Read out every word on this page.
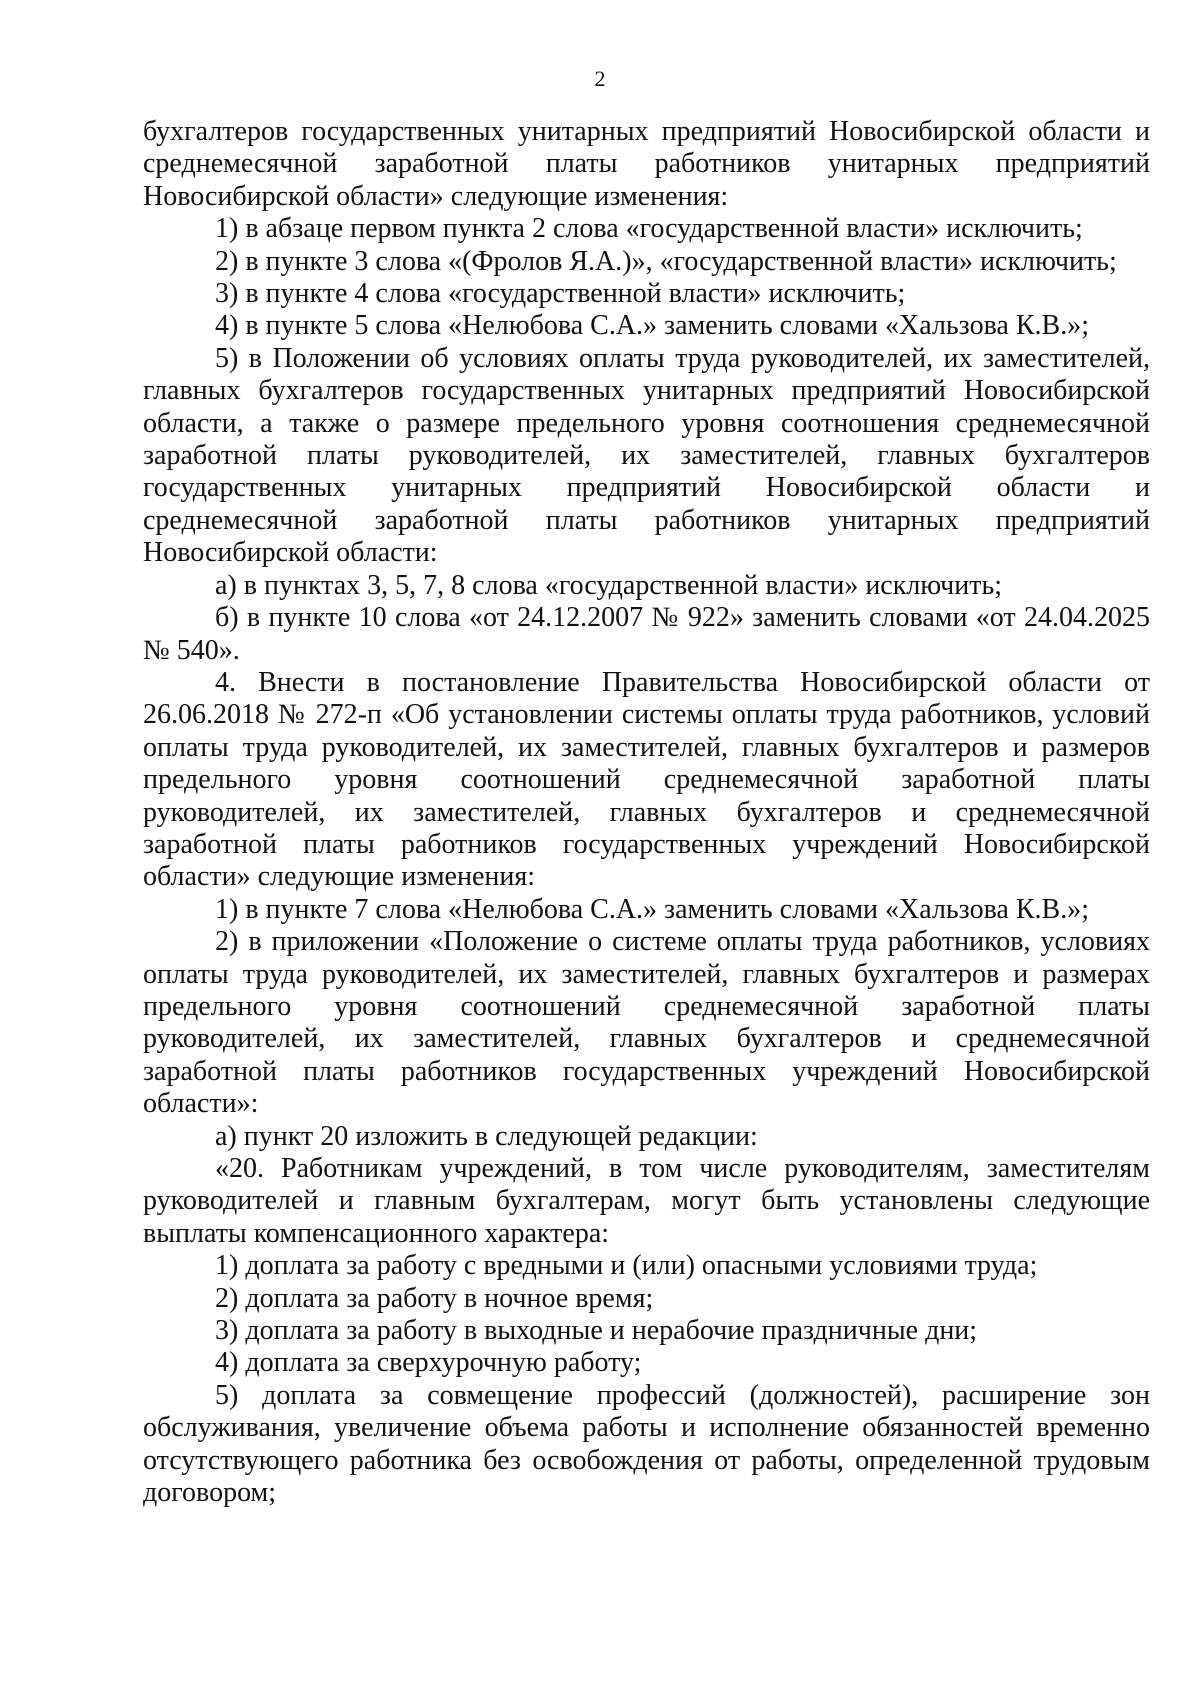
2

бухгалтеров государственных унитарных предприятий Новосибирской области и среднемесячной заработной платы работников унитарных предприятий Новосибирской области» следующие изменения:

1) в абзаце первом пункта 2 слова «государственной власти» исключить;

2) в пункте 3 слова «(Фролов Я.А.)», «государственной власти» исключить;

3) в пункте 4 слова «государственной власти» исключить;

4) в пункте 5 слова «Нелюбова С.А.» заменить словами «Хальзова К.В.»;

5) в Положении об условиях оплаты труда руководителей, их заместителей, главных бухгалтеров государственных унитарных предприятий Новосибирской области, а также о размере предельного уровня соотношения среднемесячной заработной платы руководителей, их заместителей, главных бухгалтеров государственных унитарных предприятий Новосибирской области и среднемесячной заработной платы работников унитарных предприятий Новосибирской области:

а) в пунктах 3, 5, 7, 8 слова «государственной власти» исключить;

б) в пункте 10 слова «от 24.12.2007 № 922» заменить словами «от 24.04.2025 № 540».

4. Внести в постановление Правительства Новосибирской области от 26.06.2018 № 272-п «Об установлении системы оплаты труда работников, условий оплаты труда руководителей, их заместителей, главных бухгалтеров и размеров предельного уровня соотношений среднемесячной заработной платы руководителей, их заместителей, главных бухгалтеров и среднемесячной заработной платы работников государственных учреждений Новосибирской области» следующие изменения:

1) в пункте 7 слова «Нелюбова С.А.» заменить словами «Хальзова К.В.»;

2) в приложении «Положение о системе оплаты труда работников, условиях оплаты труда руководителей, их заместителей, главных бухгалтеров и размерах предельного уровня соотношений среднемесячной заработной платы руководителей, их заместителей, главных бухгалтеров и среднемесячной заработной платы работников государственных учреждений Новосибирской области»:

а) пункт 20 изложить в следующей редакции:

«20. Работникам учреждений, в том числе руководителям, заместителям руководителей и главным бухгалтерам, могут быть установлены следующие выплаты компенсационного характера:

1) доплата за работу с вредными и (или) опасными условиями труда;

2) доплата за работу в ночное время;

3) доплата за работу в выходные и нерабочие праздничные дни;

4) доплата за сверхурочную работу;

5) доплата за совмещение профессий (должностей), расширение зон обслуживания, увеличение объема работы и исполнение обязанностей временно отсутствующего работника без освобождения от работы, определенной трудовым договором;
